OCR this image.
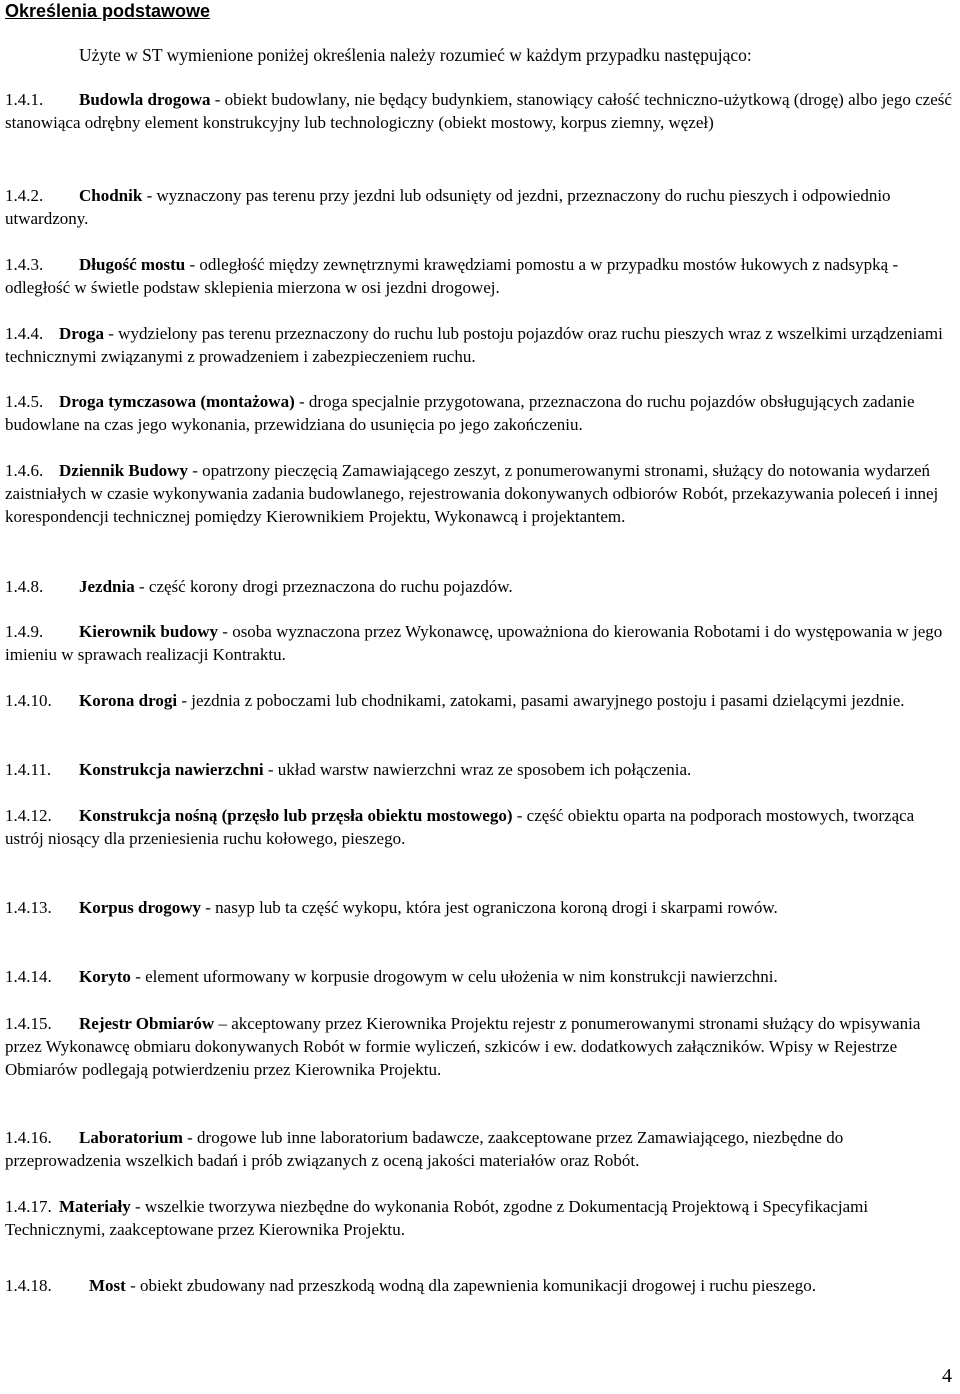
Określenia podstawowe
Użyte w ST wymienione poniżej określenia należy rozumieć w każdym przypadku następująco:

1.4.1. Budowla drogowa - obiekt budowlany, nie będący budynkiem, stanowiący całość techniczno-użytkową (drogę) albo jego cześć stanowiąca odrębny element konstrukcyjny lub technologiczny (obiekt mostowy, korpus ziemny, węzeł)

1.4.2. Chodnik - wyznaczony pas terenu przy jezdni lub odsunięty od jezdni, przeznaczony do ruchu pieszych i odpowiednio utwardzony.

1.4.3. Długość mostu - odległość między zewnętrznymi krawędziami pomostu a w przypadku mostów łukowych z nadsypką - odległość w świetle podstaw sklepienia mierzona w osi jezdni drogowej.

1.4.4. Droga - wydzielony pas terenu przeznaczony do ruchu lub postoju pojazdów oraz ruchu pieszych wraz z wszelkimi urządzeniami technicznymi związanymi z prowadzeniem i zabezpieczeniem ruchu.

1.4.5. Droga tymczasowa (montażowa) - droga specjalnie przygotowana, przeznaczona do ruchu pojazdów obsługujących zadanie budowlane na czas jego wykonania, przewidziana do usunięcia po jego zakończeniu.

1.4.6. Dziennik Budowy - opatrzony pieczęcią Zamawiającego zeszyt, z ponumerowanymi stronami, służący do notowania wydarzeń zaistniałych w czasie wykonywania zadania budowlanego, rejestrowania dokonywanych odbiorów Robót, przekazywania poleceń i innej korespondencji technicznej pomiędzy Kierownikiem Projektu, Wykonawcą i projektantem.

1.4.8. Jezdnia - część korony drogi przeznaczona do ruchu pojazdów.

1.4.9. Kierownik budowy - osoba wyznaczona przez Wykonawcę, upoważniona do kierowania Robotami i do występowania w jego imieniu w sprawach realizacji Kontraktu.

1.4.10. Korona drogi - jezdnia z poboczami lub chodnikami, zatokami, pasami awaryjnego postoju i pasami dzielącymi jezdnie.

1.4.11. Konstrukcja nawierzchni - układ warstw nawierzchni wraz ze sposobem ich połączenia.

1.4.12. Konstrukcja nośną (przęsło lub przęsła obiektu mostowego) - część obiektu oparta na podporach mostowych, tworząca ustrój niosący dla przeniesienia ruchu kołowego, pieszego.

1.4.13. Korpus drogowy - nasyp lub ta część wykopu, która jest ograniczona koroną drogi i skarpami rowów.

1.4.14. Koryto - element uformowany w korpusie drogowym w celu ułożenia w nim konstrukcji nawierzchni.

1.4.15. Rejestr Obmiarów – akceptowany przez Kierownika Projektu rejestr z ponumerowanymi stronami służący do wpisywania przez Wykonawcę obmiaru dokonywanych Robót w formie wyliczeń, szkiców i ew. dodatkowych załączników. Wpisy w Rejestrze Obmiarów podlegają potwierdzeniu przez Kierownika Projektu.

1.4.16. Laboratorium - drogowe lub inne laboratorium badawcze, zaakceptowane przez Zamawiającego, niezbędne do przeprowadzenia wszelkich badań i prób związanych z oceną jakości materiałów oraz Robót.

1.4.17. Materiały - wszelkie tworzywa niezbędne do wykonania Robót, zgodne z Dokumentacją Projektową i Specyfikacjami Technicznymi, zaakceptowane przez Kierownika Projektu.

1.4.18. Most - obiekt zbudowany nad przeszkodą wodną dla zapewnienia komunikacji drogowej i ruchu pieszego.

4
